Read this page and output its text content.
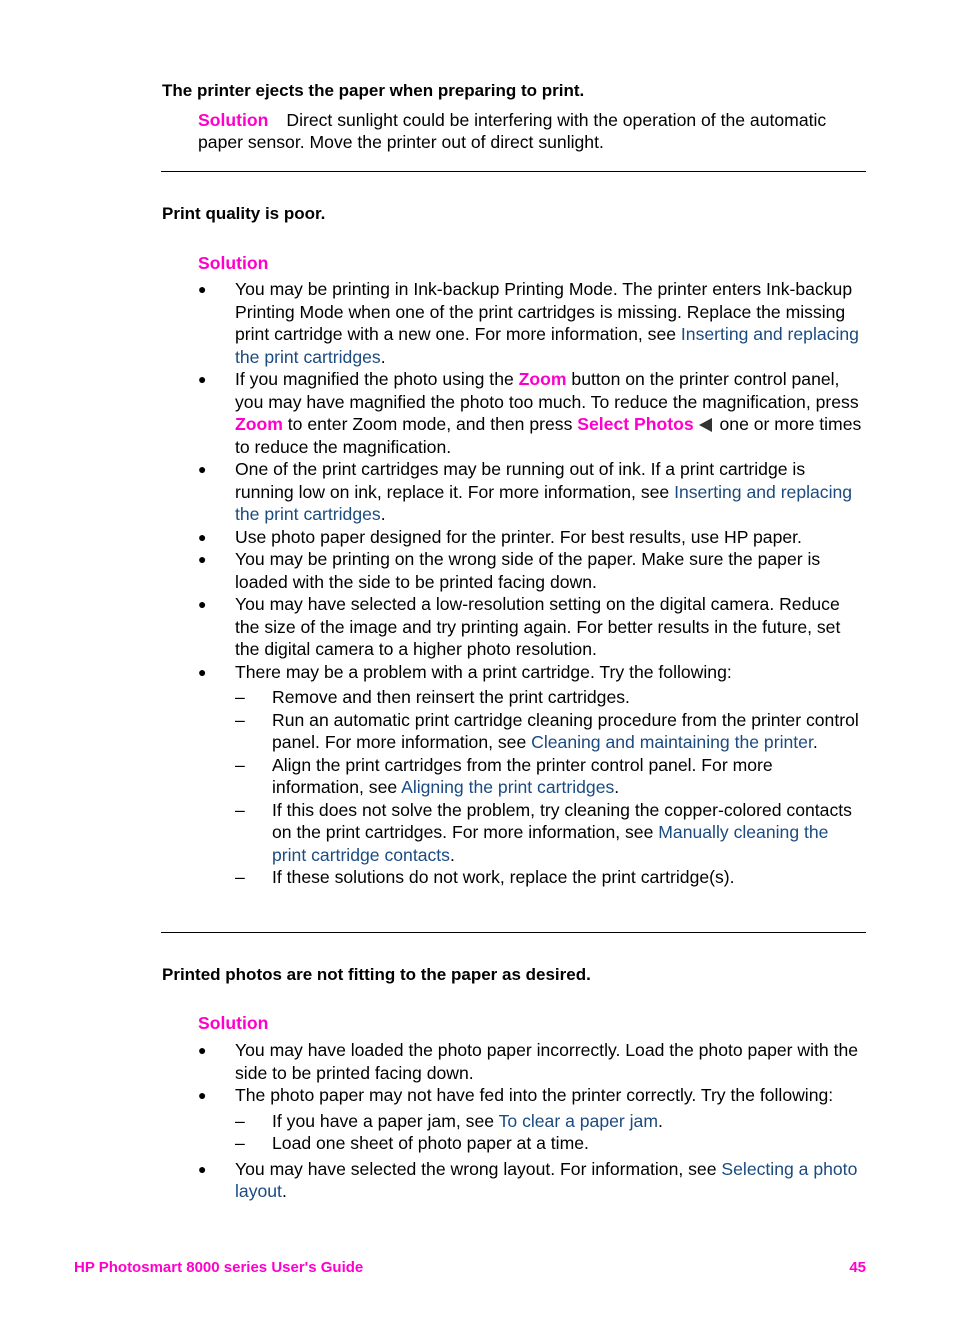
The printer ejects the paper when preparing to print.
Solution Direct sunlight could be interfering with the operation of the automatic
paper sensor. Move the printer out of direct sunlight.
Print quality is poor.
Solution
● You may be printing in Ink-backup Printing Mode. The printer enters Ink-backup Printing Mode when one of the print cartridges is missing. Replace the missing print cartridge with a new one. For more information, see Inserting and replacing the print cartridges.
● If you magnified the photo using the Zoom button on the printer control panel, you may have magnified the photo too much. To reduce the magnification, press Zoom to enter Zoom mode, and then press Select Photos one or more times to reduce the magnification.
● One of the print cartridges may be running out of ink. If a print cartridge is running low on ink, replace it. For more information, see Inserting and replacing the print cartridges.
● Use photo paper designed for the printer. For best results, use HP paper.
● You may be printing on the wrong side of the paper. Make sure the paper is loaded with the side to be printed facing down.
● You may have selected a low-resolution setting on the digital camera. Reduce the size of the image and try printing again. For better results in the future, set the digital camera to a higher photo resolution.
● There may be a problem with a print cartridge. Try the following:
– Remove and then reinsert the print cartridges.
– Run an automatic print cartridge cleaning procedure from the printer control panel. For more information, see Cleaning and maintaining the printer.
– Align the print cartridges from the printer control panel. For more information, see Aligning the print cartridges.
– If this does not solve the problem, try cleaning the copper-colored contacts on the print cartridges. For more information, see Manually cleaning the print cartridge contacts.
– If these solutions do not work, replace the print cartridge(s).
Printed photos are not fitting to the paper as desired.
Solution
● You may have loaded the photo paper incorrectly. Load the photo paper with the side to be printed facing down.
● The photo paper may not have fed into the printer correctly. Try the following:
– If you have a paper jam, see To clear a paper jam.
– Load one sheet of photo paper at a time.
● You may have selected the wrong layout. For information, see Selecting a photo layout.
HP Photosmart 8000 series User's Guide	45
